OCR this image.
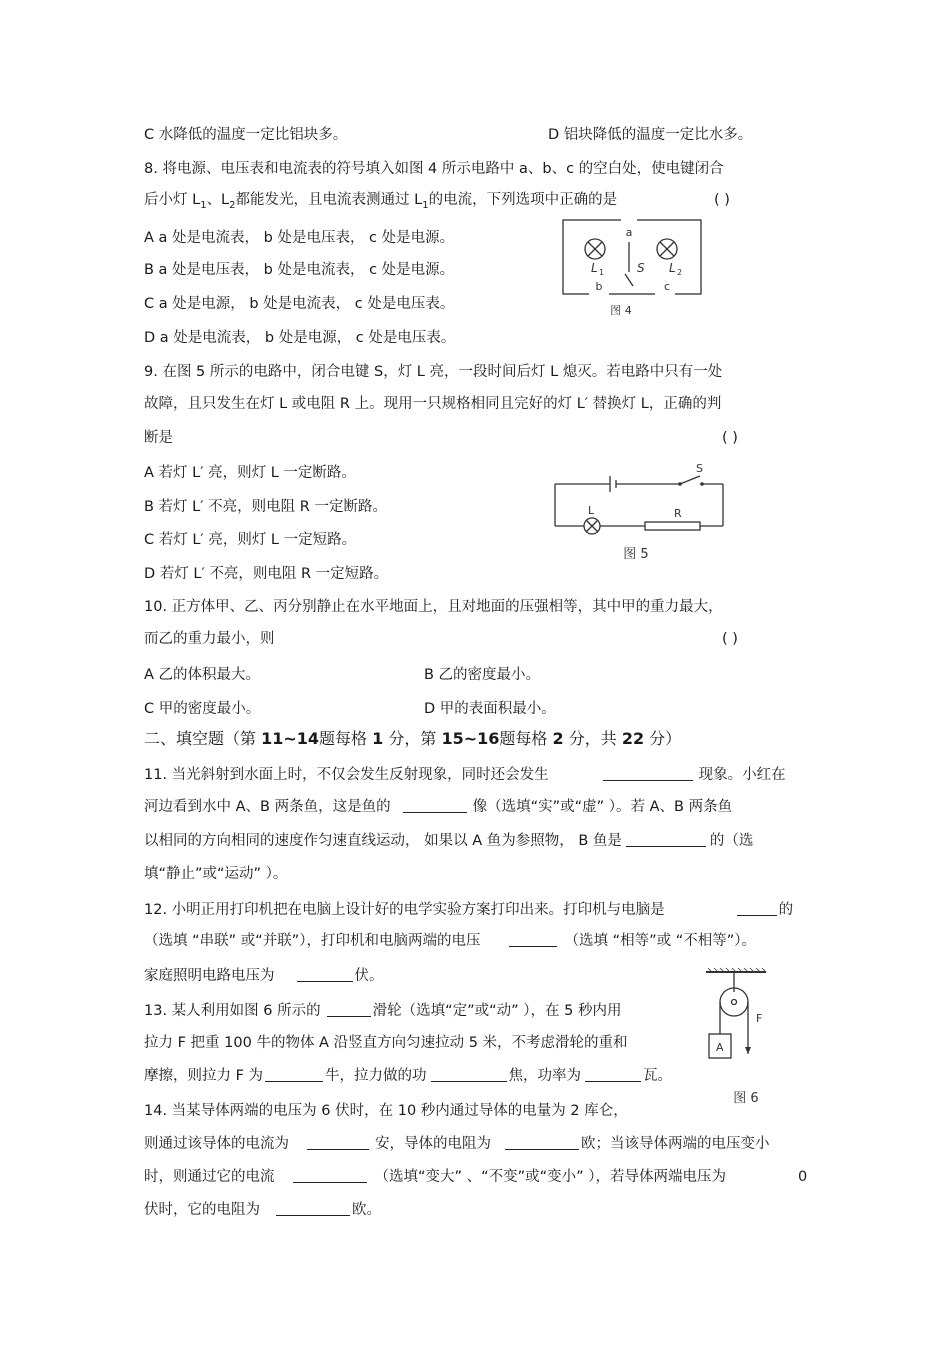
C 水降低的温度一定比铝块多。	D 铝块降低的温度一定比水多。
8. 将电源、电压表和电流表的符号填入如图 4 所示电路中 a、b、c 的空白处，使电键闭合
后小灯 $L_1$、$L_2$都能发光，且电流表测通过 $L_1$的电流，下列选项中正确的是	( )
A a 处是电流表， b 处是电压表， c 处是电源。
B a 处是电压表， b 处是电流表， c 处是电源。
C a 处是电源， b 处是电流表， c 处是电压表。
D a 处是电流表， b 处是电源， c 处是电压表。
a
b	c
L 1	S L 2
图 4
9. 在图 5 所示的电路中，闭合电键 S，灯 L 亮，一段时间后灯 L 熄灭。若电路中只有一处
故障，且只发生在灯 L 或电阻 R 上。现用一只规格相同且完好的灯 L′ 替换灯 L，正确的判
断是	( )
A 若灯 L′ 亮，则灯 L 一定断路。
B 若灯 L′ 不亮，则电阻 R 一定断路。
C 若灯 L′ 亮，则灯 L 一定短路。
D 若灯 L′ 不亮，则电阻 R 一定短路。
S
L	R
图 5
10. 正方体甲、乙、丙分别静止在水平地面上，且对地面的压强相等，其中甲的重力最大，
而乙的重力最小，则	( )
A 乙的体积最大。	B 乙的密度最小。
C 甲的密度最小。	D 甲的表面积最小。
二、填空题（第 11~14题每格 1 分，第 15~16题每格 2 分，共 22 分）
11. 当光斜射到水面上时，不仅会发生反射现象，同时还会发生	现象。小红在
河边看到水中 A、B 两条鱼，这是鱼的	像（选填“实”或“虚” ）。若 A、B 两条鱼
以相同的方向相同的速度作匀速直线运动， 如果以 A 鱼为参照物， B 鱼是	的（选
填“静止”或“运动” ）。
12. 小明正用打印机把在电脑上设计好的电学实验方案打印出来。打印机与电脑是	的
（选填 “串联” 或“并联”），打印机和电脑两端的电压	（选填 “相等”或 “不相等”）。
家庭照明电路电压为	伏。
13. 某人利用如图 6 所示的	滑轮（选填“定”或“动” ），在 5 秒内用
拉力 F 把重 100 牛的物体 A 沿竖直方向匀速拉动 5 米，不考虑滑轮的重和
摩擦，则拉力 F 为	牛，拉力做的功	焦，功率为	瓦。
F
A
图 6
14. 当某导体两端的电压为 6 伏时，在 10 秒内通过导体的电量为 2 库仑，
则通过该导体的电流为	安，导体的电阻为	欧；当该导体两端的电压变小
时，则通过它的电流	（选填“变大” 、“不变”或“变小” ），若导体两端电压为	0
伏时，它的电阻为	欧。
